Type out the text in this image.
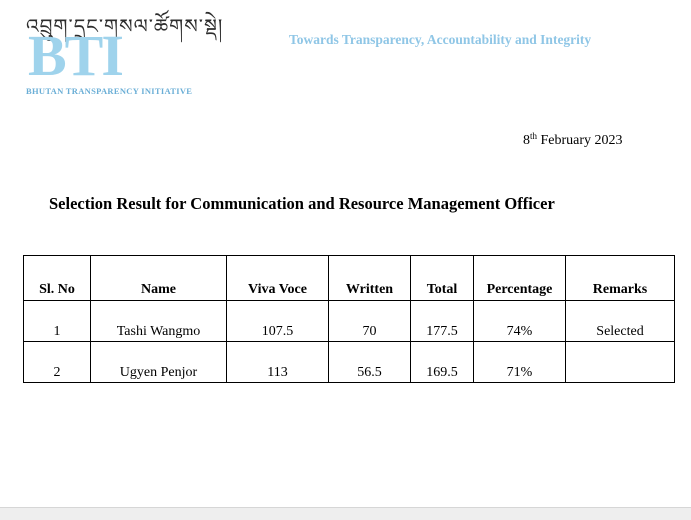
འབྲུག་དྲང་གསལ་ཚོགས་སྡེ།
BTI
BHUTAN TRANSPARENCY INITIATIVE
Towards Transparency, Accountability and Integrity
8th February 2023
Selection Result for Communication and Resource Management Officer
Sl. No	Name	Viva Voce	Written	Total	Percentage	Remarks
1	Tashi Wangmo	107.5	70	177.5	74%	Selected
2	Ugyen Penjor	113	56.5	169.5	71%	
